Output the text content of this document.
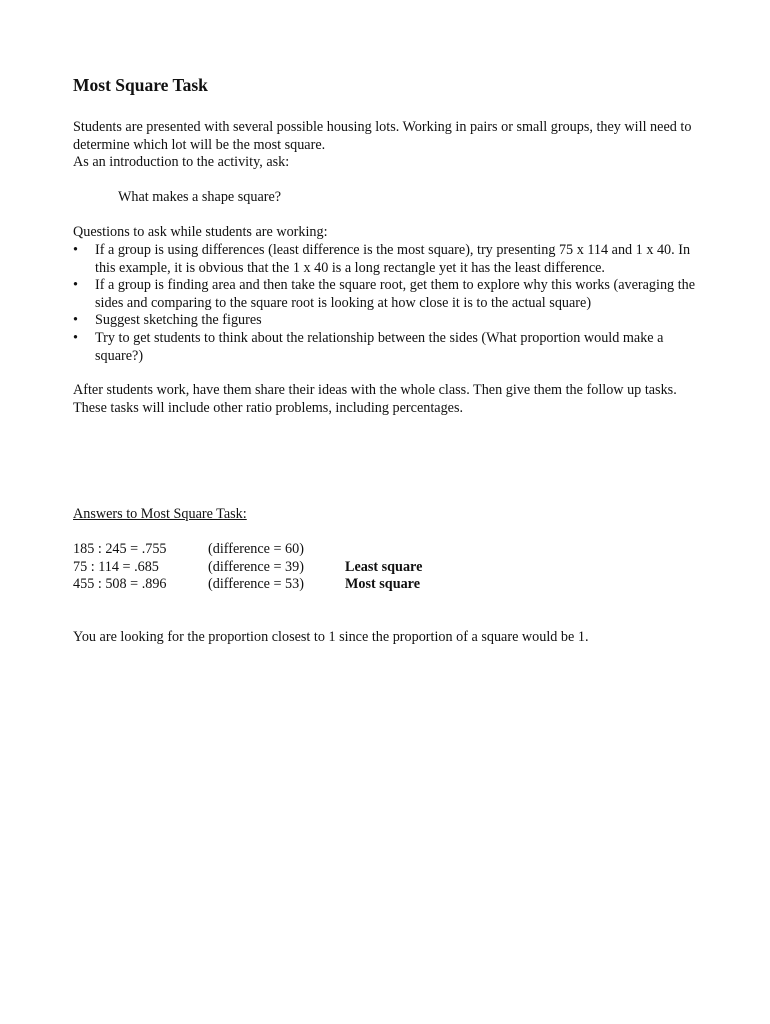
Most Square Task

Students are presented with several possible housing lots. Working in pairs or small groups, they will need to determine which lot will be the most square.

As an introduction to the activity, ask:

What makes a shape square?

Questions to ask while students are working:

•	If a group is using differences (least difference is the most square), try presenting 75 x 114 and 1 x 40. In this example, it is obvious that the 1 x 40 is a long rectangle yet it has the least difference.
•	If a group is finding area and then take the square root, get them to explore why this works (averaging the sides and comparing to the square root is looking at how close it is to the actual square)
•	Suggest sketching the figures
•	Try to get students to think about the relationship between the sides (What proportion would make a square?)

After students work, have them share their ideas with the whole class. Then give them the follow up tasks. These tasks will include other ratio problems, including percentages.

Answers to Most Square Task:

185 : 245 = .755	(difference = 60)	
75 : 114 = .685	(difference = 39)	Least square
455 : 508 = .896	(difference = 53)	Most square

You are looking for the proportion closest to 1 since the proportion of a square would be 1.
